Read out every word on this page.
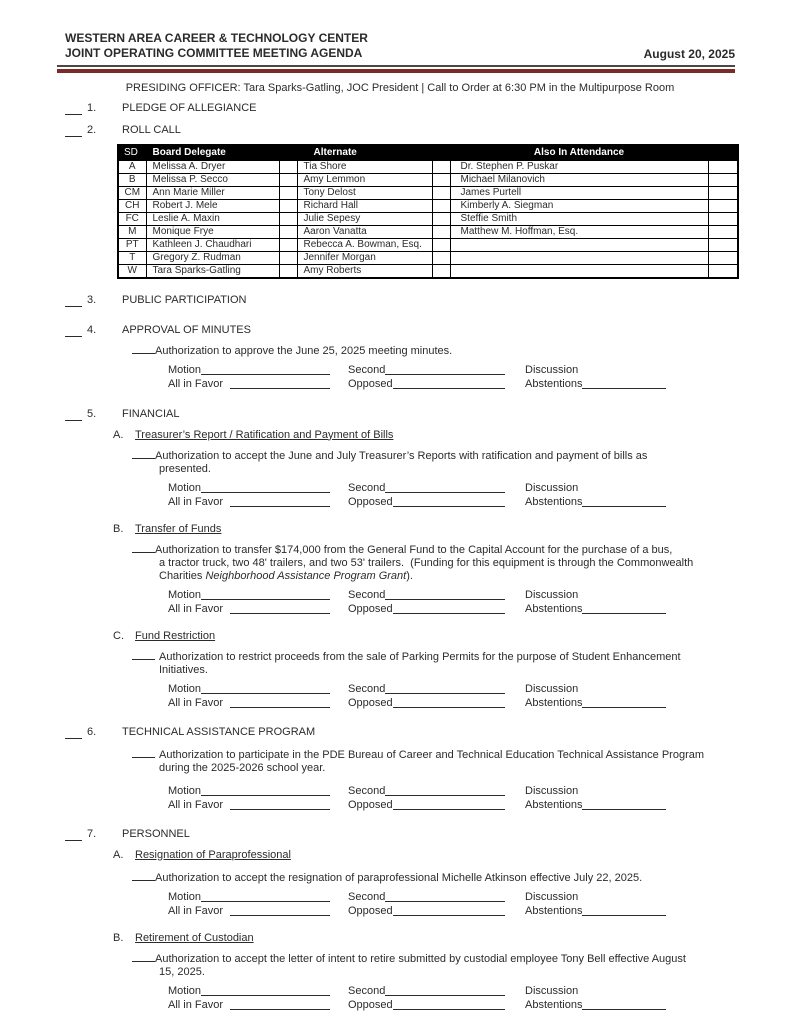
WESTERN AREA CAREER & TECHNOLOGY CENTER
JOINT OPERATING COMMITTEE MEETING AGENDA	August 20, 2025
PRESIDING OFFICER: Tara Sparks-Gatling, JOC President | Call to Order at 6:30 PM in the Multipurpose Room
1.	PLEDGE OF ALLEGIANCE
2.	ROLL CALL
SD	Board Delegate		Alternate		Also In Attendance	
A	Melissa A. Dryer		Tia Shore		Dr. Stephen P. Puskar	
B	Melissa P. Secco		Amy Lemmon		Michael Milanovich	
CM	Ann Marie Miller		Tony Delost		James Purtell	
CH	Robert J. Mele		Richard Hall		Kimberly A. Siegman	
FC	Leslie A. Maxin		Julie Sepesy		Steffie Smith	
M	Monique Frye		Aaron Vanatta		Matthew M. Hoffman, Esq.	
PT	Kathleen J. Chaudhari		Rebecca A. Bowman, Esq.			
T	Gregory Z. Rudman		Jennifer Morgan			
W	Tara Sparks-Gatling		Amy Roberts			
3.	PUBLIC PARTICIPATION
4.	APPROVAL OF MINUTES
Authorization to approve the June 25, 2025 meeting minutes.
Motion	Second	Discussion
All in Favor	Opposed	Abstentions
5.	FINANCIAL
A.	Treasurer’s Report / Ratification and Payment of Bills
Authorization to accept the June and July Treasurer’s Reports with ratification and payment of bills as
presented.
Motion	Second	Discussion
All in Favor	Opposed	Abstentions
B.	Transfer of Funds
Authorization to transfer $174,000 from the General Fund to the Capital Account for the purchase of a bus,
a tractor truck, two 48' trailers, and two 53' trailers.  (Funding for this equipment is through the Commonwealth
Charities Neighborhood Assistance Program Grant).
Motion	Second	Discussion
All in Favor	Opposed	Abstentions
C.	Fund Restriction
Authorization to restrict proceeds from the sale of Parking Permits for the purpose of Student Enhancement
Initiatives.
Motion	Second	Discussion
All in Favor	Opposed	Abstentions
6.	TECHNICAL ASSISTANCE PROGRAM
Authorization to participate in the PDE Bureau of Career and Technical Education Technical Assistance Program
during the 2025-2026 school year.
Motion	Second	Discussion
All in Favor	Opposed	Abstentions
7.	PERSONNEL
A.	Resignation of Paraprofessional
Authorization to accept the resignation of paraprofessional Michelle Atkinson effective July 22, 2025.
Motion	Second	Discussion
All in Favor	Opposed	Abstentions
B.	Retirement of Custodian
Authorization to accept the letter of intent to retire submitted by custodial employee Tony Bell effective August
15, 2025.
Motion	Second	Discussion
All in Favor	Opposed	Abstentions
